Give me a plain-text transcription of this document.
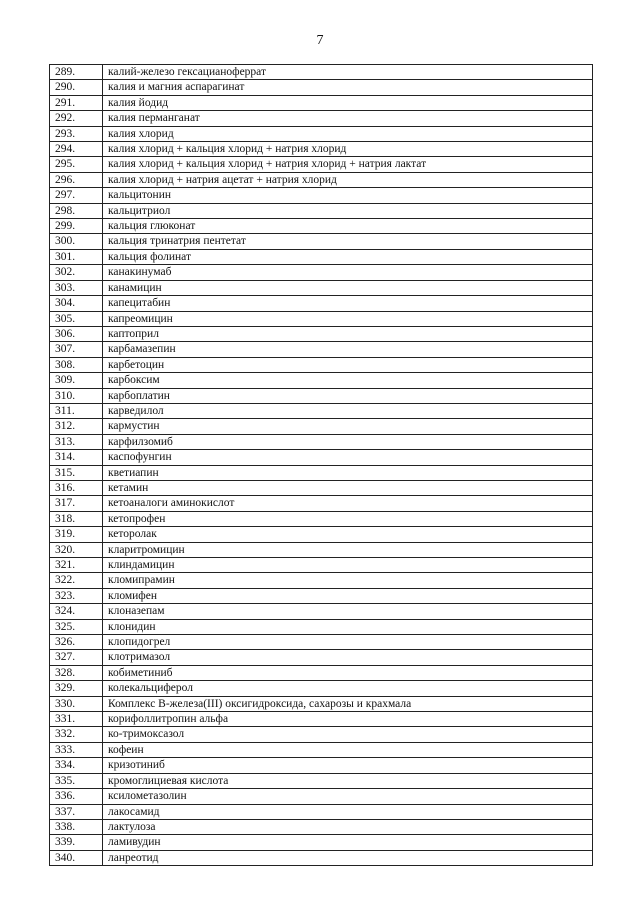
7
289.	калий-железо гексацианоферрат
290.	калия и магния аспарагинат
291.	калия йодид
292.	калия перманганат
293.	калия хлорид
294.	калия хлорид + кальция хлорид + натрия хлорид
295.	калия хлорид + кальция хлорид + натрия хлорид + натрия лактат
296.	калия хлорид + натрия ацетат + натрия хлорид
297.	кальцитонин
298.	кальцитриол
299.	кальция глюконат
300.	кальция тринатрия пентетат
301.	кальция фолинат
302.	канакинумаб
303.	канамицин
304.	капецитабин
305.	капреомицин
306.	каптоприл
307.	карбамазепин
308.	карбетоцин
309.	карбоксим
310.	карбоплатин
311.	карведилол
312.	кармустин
313.	карфилзомиб
314.	каспофунгин
315.	кветиапин
316.	кетамин
317.	кетоаналоги аминокислот
318.	кетопрофен
319.	кеторолак
320.	кларитромицин
321.	клиндамицин
322.	кломипрамин
323.	кломифен
324.	клоназепам
325.	клонидин
326.	клопидогрел
327.	клотримазол
328.	кобиметиниб
329.	колекальциферол
330.	Комплекс В-железа(III) оксигидроксида, сахарозы и крахмала
331.	корифоллитропин альфа
332.	ко-тримоксазол
333.	кофеин
334.	кризотиниб
335.	кромоглициевая кислота
336.	ксилометазолин
337.	лакосамид
338.	лактулоза
339.	ламивудин
340.	ланреотид
